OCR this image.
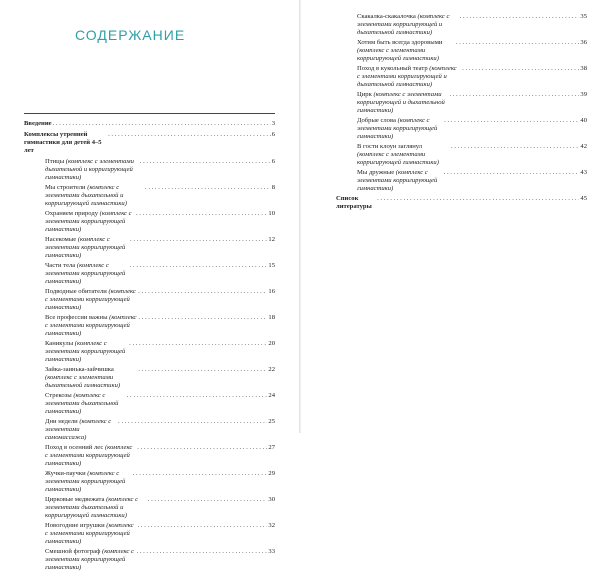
СОДЕРЖАНИЕ
Введение
. . .	3
Комплексы утренней гимнастики для детей 4–5 лет
. . .
6
Птицы (комплекс с элементами дыхательной и корригирующей гимнастики)
. . .
6
Мы строители (комплекс с элементами дыхательной и корригирующей гимнастики)
. . .
8
Охраняем природу (комплекс с элементами корригирующей гимнастики)
. . .
10
Насекомые (комплекс с элементами корригирующей гимнастики)
. . .
12
Части тела (комплекс с элементами корригирующей гимнастики)
. . .
15
Подводные обитатели (комплекс с элементами корригирующей гимнастики)
. . .
16
Все профессии важны (комплекс с элементами корригирующей гимнастики)
. . .
18
Каникулы (комплекс с элементами корригирующей гимнастики)
. . .
20
Зайка-заинька-зайчишка (комплекс с элементами дыхательной гимнастики)
. . .
22
Стрекозы (комплекс с элементами дыхательной гимнастики)
. . .
24
Дни недели (комплекс с элементами самомассажа)
. . .
25
Поход в осенний лес (комплекс с элементами корригирующей гимнастики)
. . .
27
Жучки-паучки (комплекс с элементами корригирующей гимнастики)
. . .
29
Цирковые медвежата (комплекс с элементами дыхательной и корригирующей гимнастики)
. . .
30
Новогодние игрушки (комплекс с элементами корригирующей гимнастики)
. . .
32
Смешной фотограф (комплекс с элементами корригирующей гимнастики)
. . .
33
Скакалка-скакалочка (комплекс с элементами корригирующей и дыхательной гимнастики)
. . .
35
Хотим быть всегда здоровыми (комплекс с элементами корригирующей гимнастики)
. . .
36
Поход в кукольный театр (комплекс с элементами корригирующей и дыхательной гимнастики)
. . .
38
Цирк (комплекс с элементами корригирующей и дыхательной гимнастики)
. . .
39
Добрые слова (комплекс с элементами корригирующей гимнастики)
. . .
40
В гости клоун заглянул (комплекс с элементами корригирующей гимнастики)
. . .
42
Мы дружные (комплекс с элементами корригирующей гимнастики)
. . .
43
Список литературы
. . .
45
